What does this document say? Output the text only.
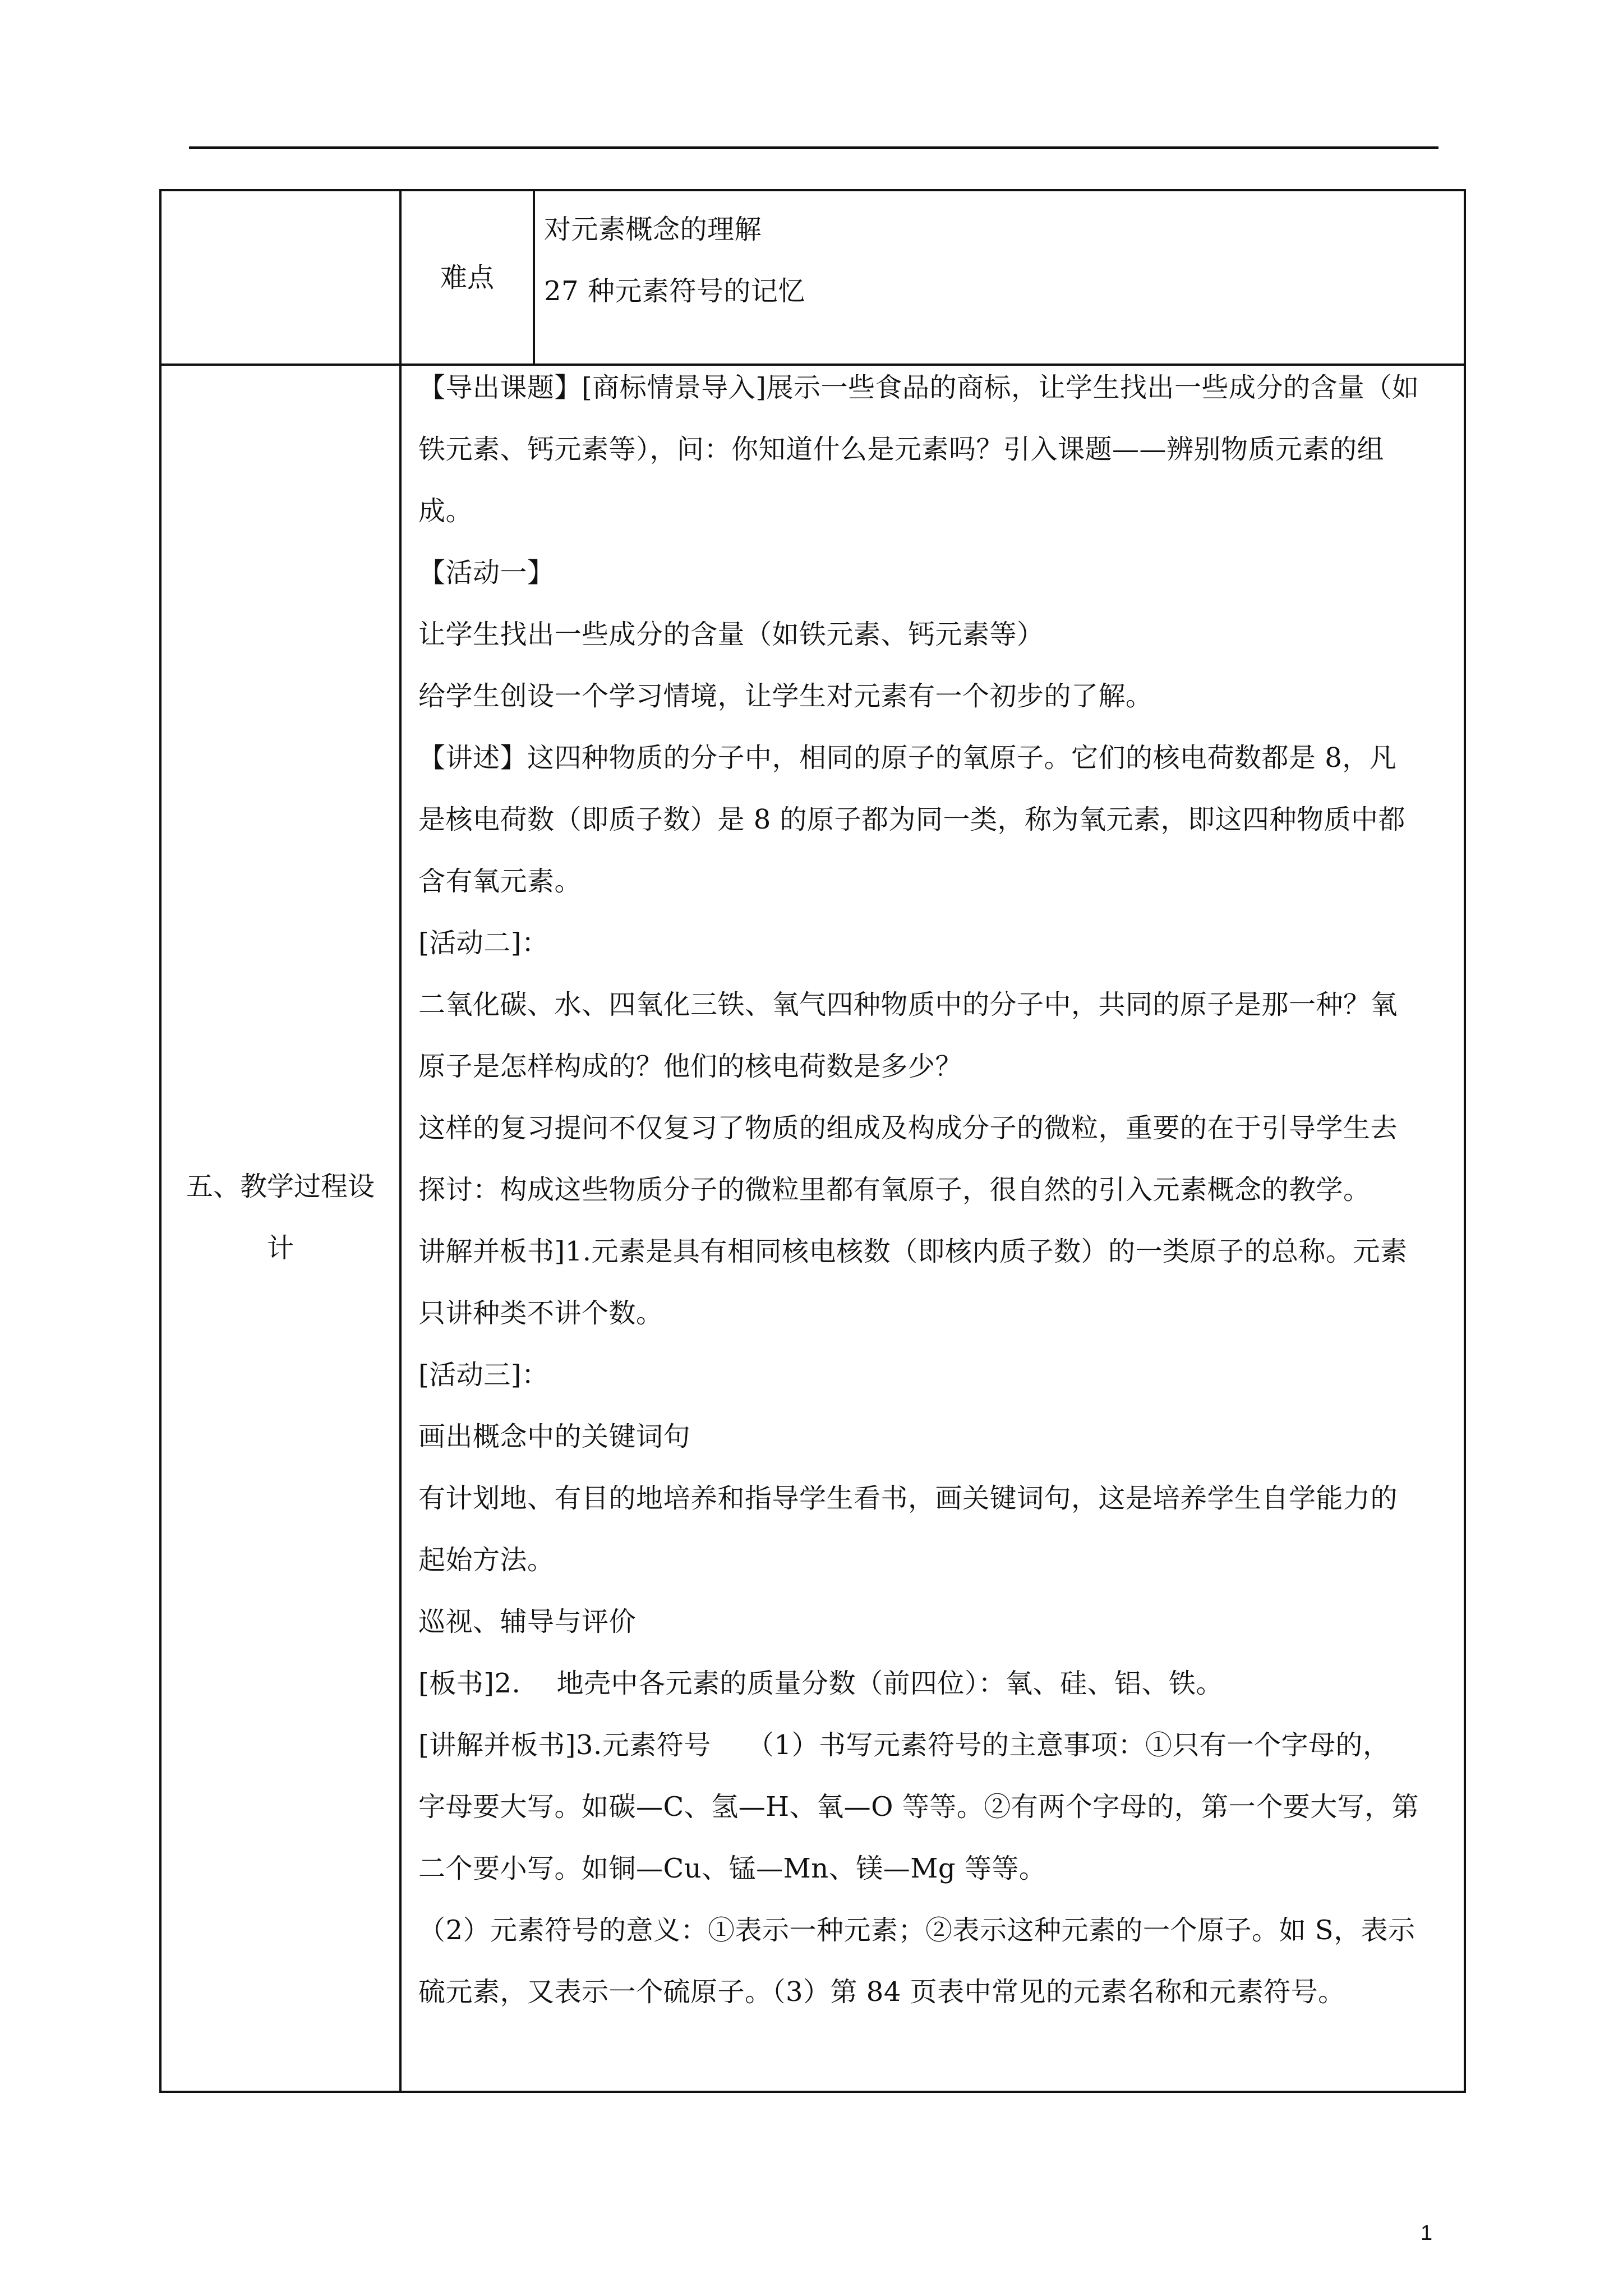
难点
对元素概念的理解
27 种元素符号的记忆
五、教学过程设
计
【导出课题】[商标情景导入]展示一些食品的商标，让学生找出一些成分的含量（如
铁元素、钙元素等），问：你知道什么是元素吗？引入课题——辨别物质元素的组
成。
【活动一】
让学生找出一些成分的含量（如铁元素、钙元素等）
给学生创设一个学习情境，让学生对元素有一个初步的了解。
【讲述】这四种物质的分子中，相同的原子的氧原子。它们的核电荷数都是 8，凡
是核电荷数（即质子数）是 8 的原子都为同一类，称为氧元素，即这四种物质中都
含有氧元素。
[活动二]：
二氧化碳、水、四氧化三铁、氧气四种物质中的分子中，共同的原子是那一种？氧
原子是怎样构成的？他们的核电荷数是多少？
这样的复习提问不仅复习了物质的组成及构成分子的微粒，重要的在于引导学生去
探讨：构成这些物质分子的微粒里都有氧原子，很自然的引入元素概念的教学。
讲解并板书]1.元素是具有相同核电核数（即核内质子数）的一类原子的总称。元素
只讲种类不讲个数。
[活动三]：
画出概念中的关键词句
有计划地、有目的地培养和指导学生看书，画关键词句，这是培养学生自学能力的
起始方法。
巡视、辅导与评价
[板书]2.　 地壳中各元素的质量分数（前四位）：氧、硅、铝、铁。
[讲解并板书]3.元素符号　 （1）书写元素符号的主意事项：①只有一个字母的，
字母要大写。如碳—C、氢—H、氧—O 等等。②有两个字母的，第一个要大写，第
二个要小写。如铜—Cu、锰—Mn、镁—Mg 等等。
（2）元素符号的意义：①表示一种元素；②表示这种元素的一个原子。如 S，表示
硫元素，又表示一个硫原子。（3）第 84 页表中常见的元素名称和元素符号。
1
